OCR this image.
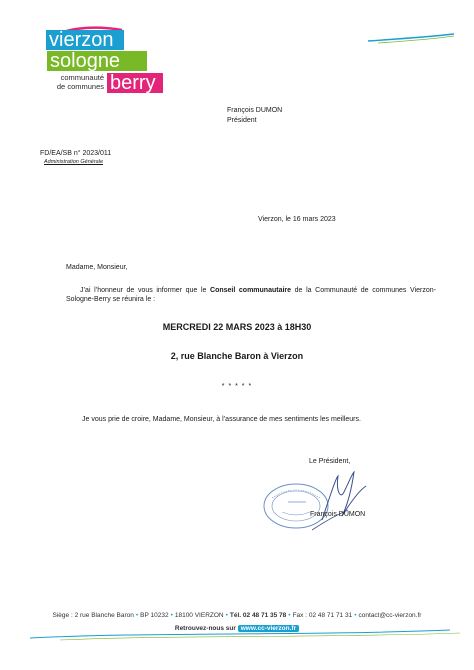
vierzon
sologne
berry
communauté
de communes
François DUMON
Président
FD/EA/SB n° 2023/011
Administration Générale
Vierzon, le 16 mars 2023
Madame, Monsieur,
J’ai l’honneur de vous informer que le Conseil communautaire de la Communauté de communes Vierzon-Sologne-Berry se réunira le :
MERCREDI 22 MARS 2023 à 18H30
2, rue Blanche Baron à Vierzon
* * * * *
Je vous prie de croire, Madame, Monsieur, à l’assurance de mes sentiments les meilleurs.
Le Président,
François DUMON
Siège : 2 rue Blanche Baron • BP 10232 • 18100 VIERZON • Tél. 02 48 71 35 78 • Fax : 02 48 71 71 31 • contact@cc-vierzon.fr
Retrouvez-nous sur www.cc-vierzon.fr
